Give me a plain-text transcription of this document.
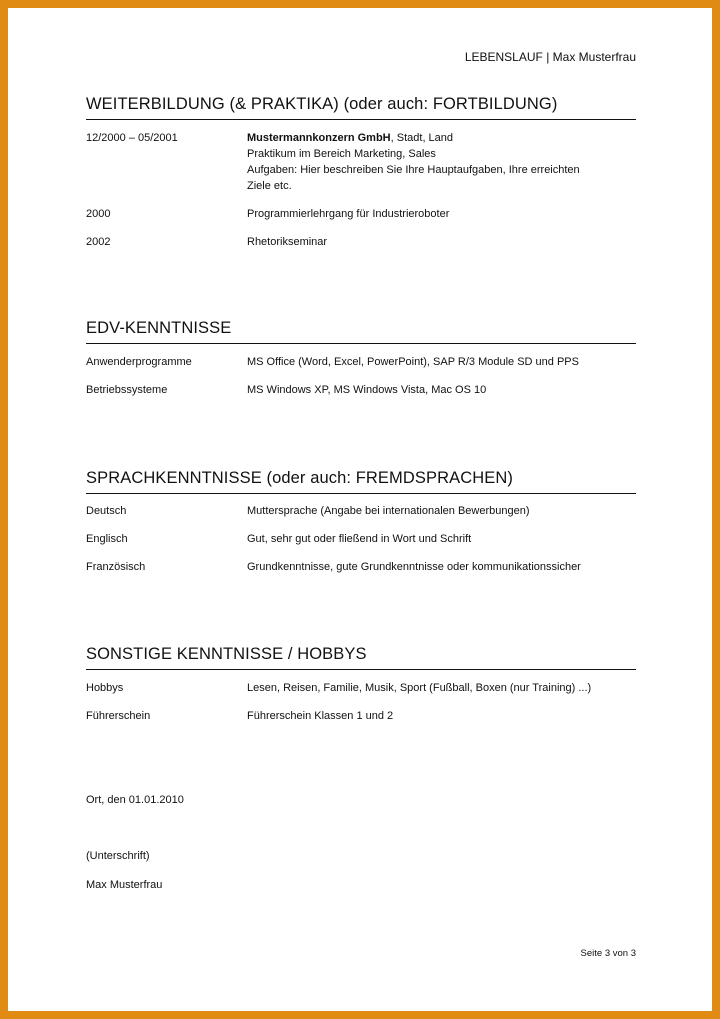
LEBENSLAUF | Max Musterfrau
WEITERBILDUNG (& PRAKTIKA) (oder auch: FORTBILDUNG)
12/2000 – 05/2001	Mustermannkonzern GmbH, Stadt, Land
Praktikum im Bereich Marketing, Sales
Aufgaben: Hier beschreiben Sie Ihre Hauptaufgaben, Ihre erreichten
Ziele etc.
2000	Programmierlehrgang für Industrieroboter
2002	Rhetorikseminar
EDV-KENNTNISSE
Anwenderprogramme	MS Office (Word, Excel, PowerPoint), SAP R/3 Module SD und PPS
Betriebssysteme	MS Windows XP, MS Windows Vista, Mac OS 10
SPRACHKENNTNISSE (oder auch: FREMDSPRACHEN)
Deutsch	Muttersprache (Angabe bei internationalen Bewerbungen)
Englisch	Gut, sehr gut oder fließend in Wort und Schrift
Französisch	Grundkenntnisse, gute Grundkenntnisse oder kommunikationssicher
SONSTIGE KENNTNISSE / HOBBYS
Hobbys	Lesen, Reisen, Familie, Musik, Sport (Fußball, Boxen (nur Training) ...)
Führerschein	Führerschein Klassen 1 und 2
Ort, den 01.01.2010
(Unterschrift)
Max Musterfrau
Seite 3 von 3
